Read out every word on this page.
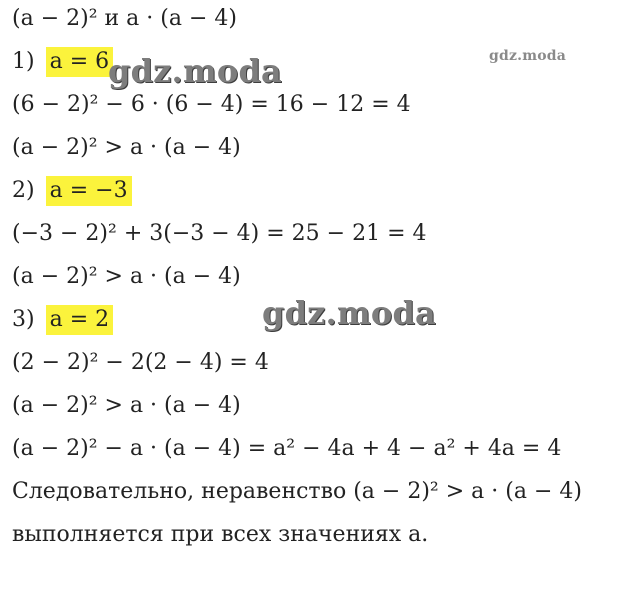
(a − 2)² и a · (a − 4)
1) a = 6
(6 − 2)² − 6 · (6 − 4) = 16 − 12 = 4
(a − 2)² > a · (a − 4)
2) a = −3
(−3 − 2)² + 3(−3 − 4) = 25 − 21 = 4
(a − 2)² > a · (a − 4)
3) a = 2
(2 − 2)² − 2(2 − 4) = 4
(a − 2)² > a · (a − 4)
(a − 2)² − a · (a − 4) = a² − 4a + 4 − a² + 4a = 4
Следовательно, неравенство (a − 2)² > a · (a − 4)
выполняется при всех значениях a.
gdz.moda
gdz.moda
gdz.moda
